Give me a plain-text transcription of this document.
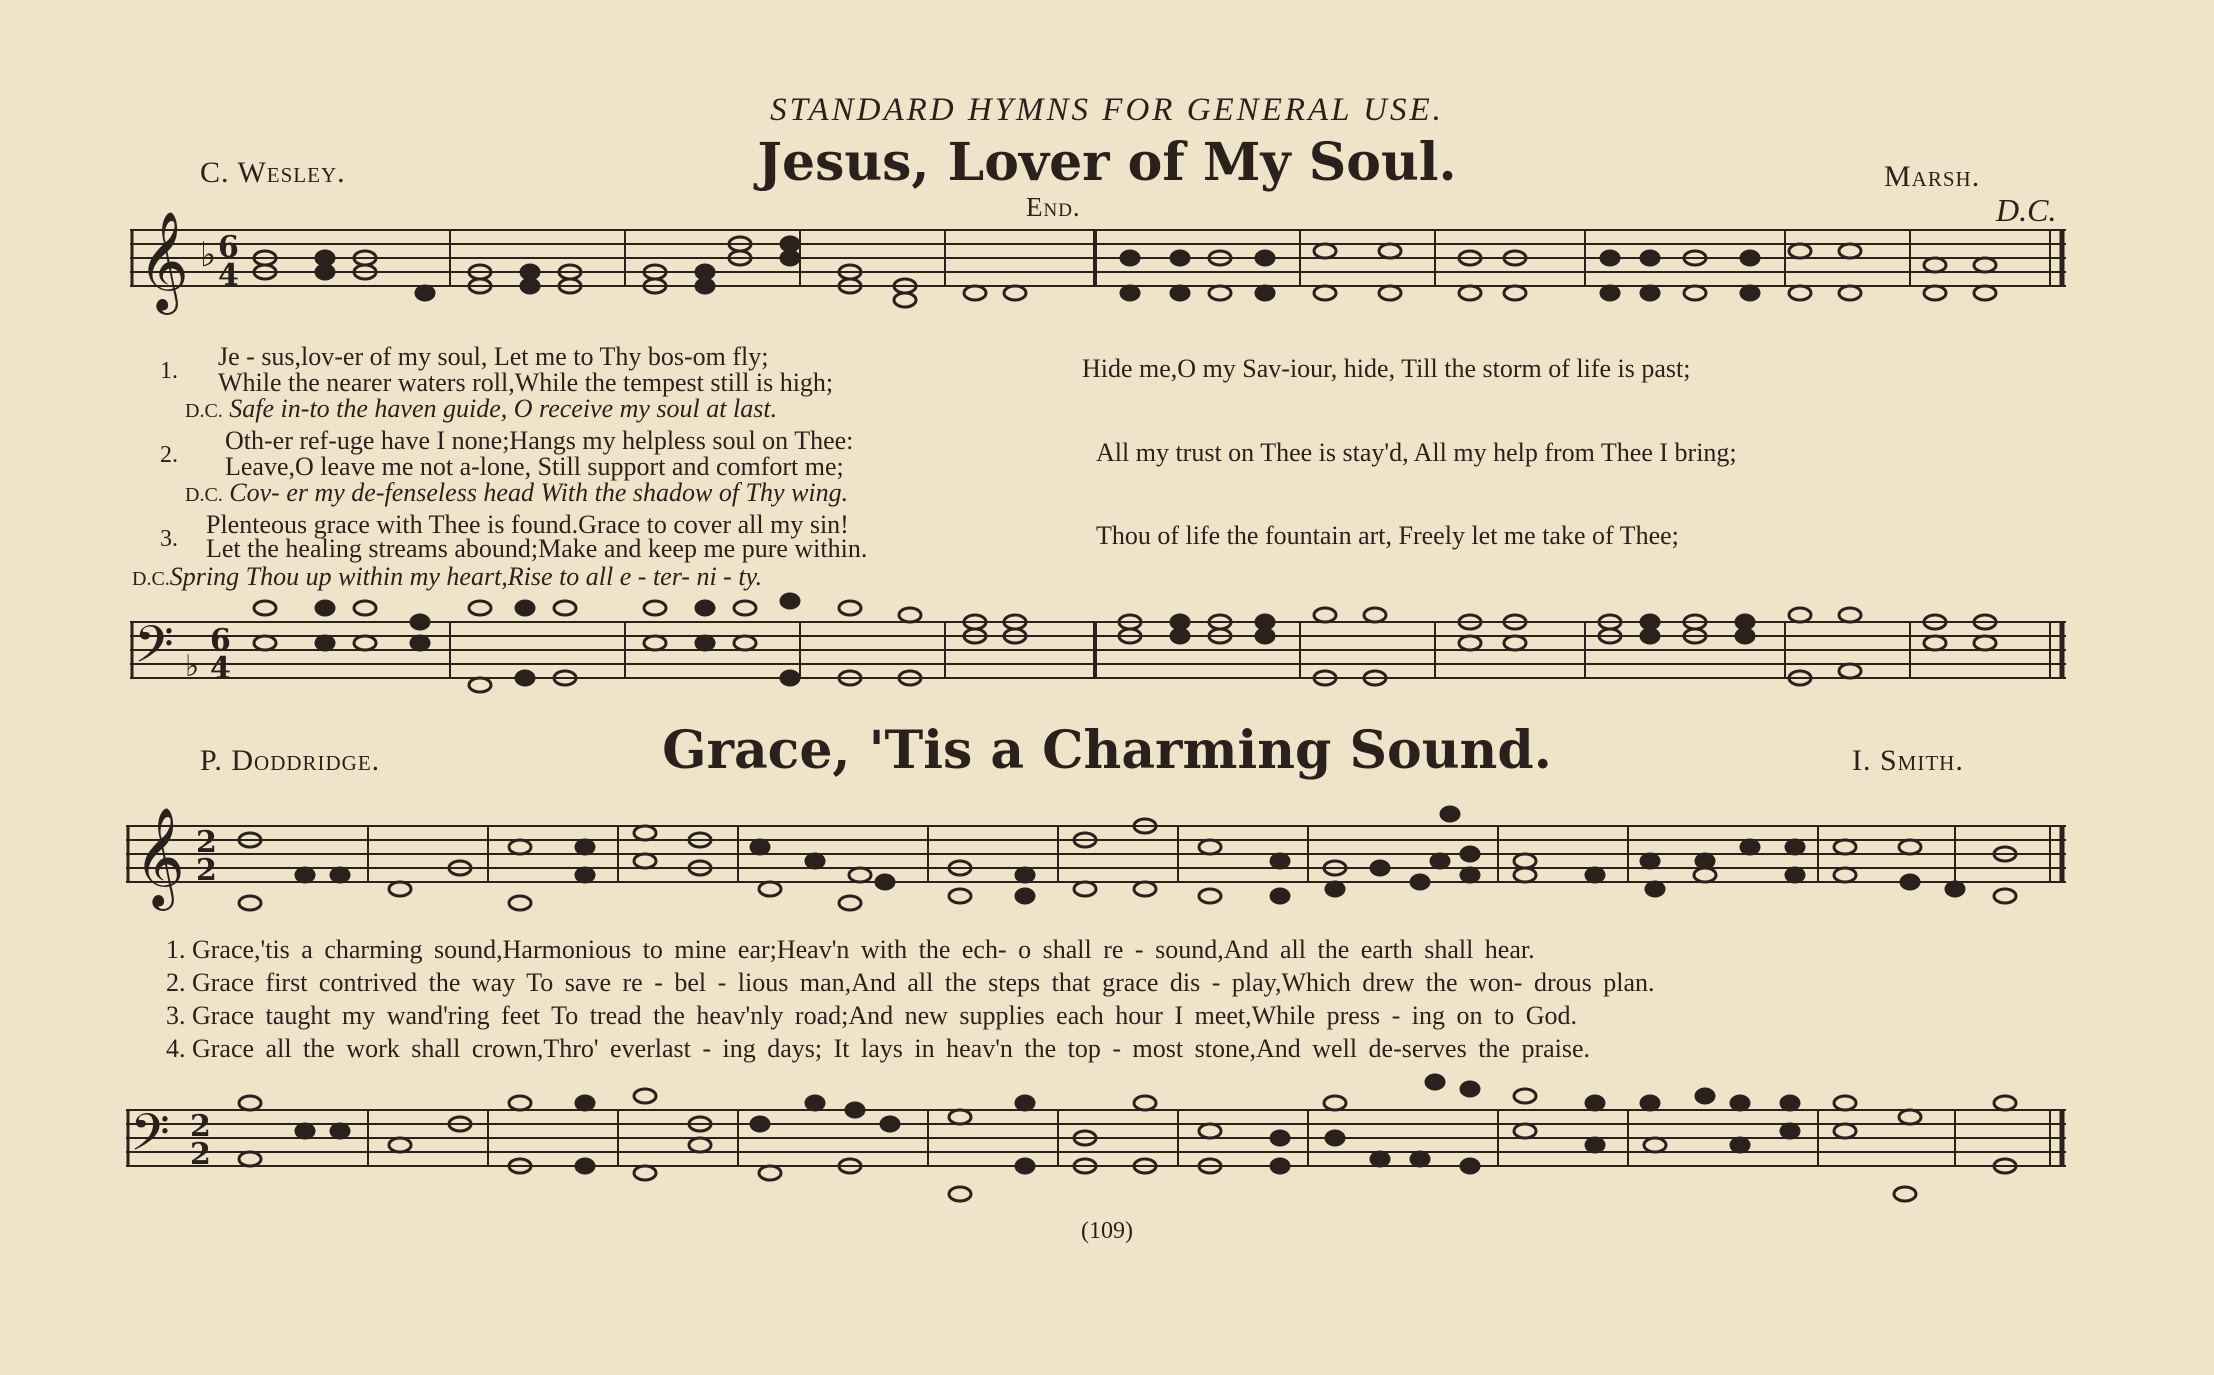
STANDARD HYMNS FOR GENERAL USE.
C. Wesley.	Jesus, Lover of My Soul.	Marsh.
End.	D.C.
𝄞 ♭ 6
4
1. Je - sus,lov-er of my soul, Let me to Thy bos-om fly;
While the nearer waters roll,While the tempest still is high;	Hide me,O my Sav-iour, hide, Till the storm of life is past;
D.C. Safe in-to the haven guide, O receive my soul at last.
2. Oth-er ref-uge have I none;Hangs my helpless soul on Thee:
Leave,O leave me not a-lone, Still support and comfort me;	All my trust on Thee is stay'd, All my help from Thee I bring;
D.C. Cov- er my de-fenseless head With the shadow of Thy wing.
3. Plenteous grace with Thee is found.Grace to cover all my sin!
Let the healing streams abound;Make and keep me pure within.	Thou of life the fountain art, Freely let me take of Thee;
D.C.Spring Thou up within my heart,Rise to all e - ter- ni - ty.
𝄢 ♭
6
4
P. Doddridge.	Grace, 'Tis a Charming Sound.	I. Smith.
𝄞 2
2
1. Grace,'tis a charming sound,Harmonious to mine ear;Heav'n with the ech- o shall re - sound,And all the earth shall hear.
2. Grace first contrived the way To save re - bel - lious man,And all the steps that grace dis - play,Which drew the won- drous plan.
3. Grace taught my wand'ring feet To tread the heav'nly road;And new supplies each hour I meet,While press - ing on to God.
4. Grace all the work shall crown,Thro' everlast - ing days; It lays in heav'n the top - most stone,And well de-serves the praise.
𝄢 2
2
(109)
